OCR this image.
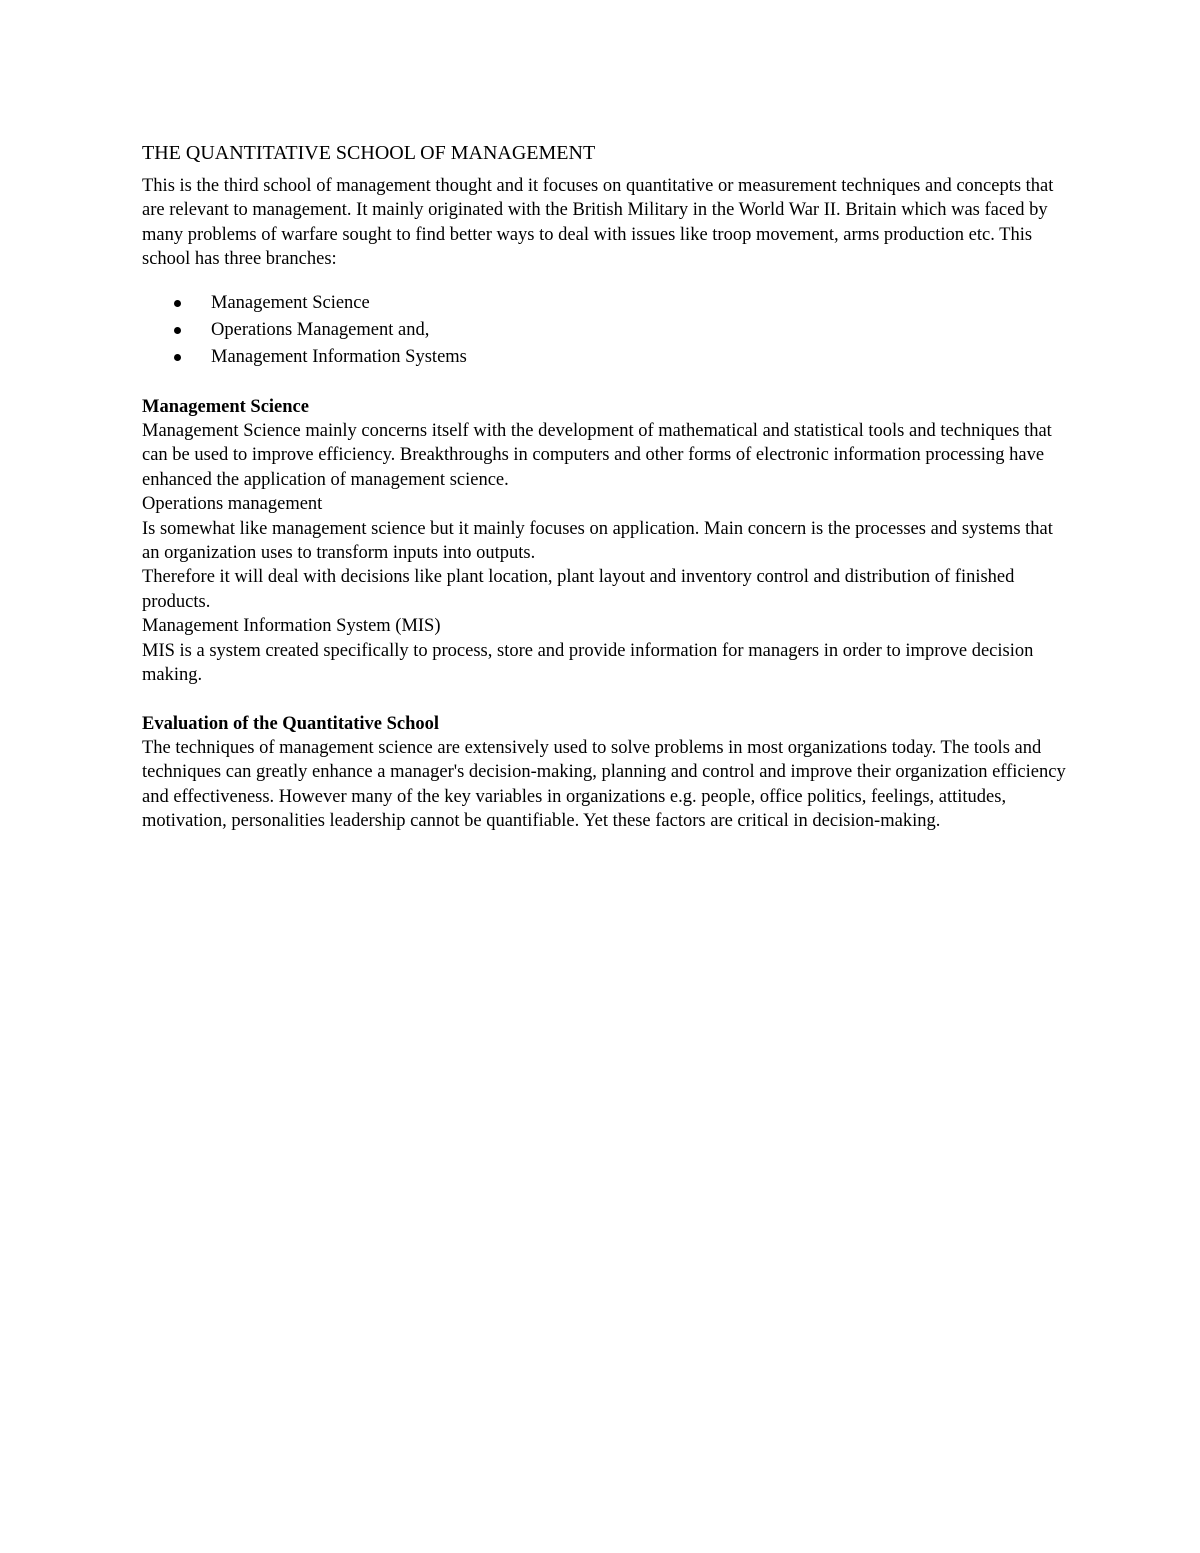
THE QUANTITATIVE SCHOOL OF MANAGEMENT

This is the third school of management thought and it focuses on quantitative or measurement techniques and concepts that are relevant to management. It mainly originated with the British Military in the World War II. Britain which was faced by many problems of warfare sought to find better ways to deal with issues like troop movement, arms production etc. This school has three branches:

Management Science
Operations Management and,
Management Information Systems

Management Science

Management Science mainly concerns itself with the development of mathematical and statistical tools and techniques that can be used to improve efficiency. Breakthroughs in computers and other forms of electronic information processing have enhanced the application of management science.

Operations management

Is somewhat like management science but it mainly focuses on application. Main concern is the processes and systems that an organization uses to transform inputs into outputs.

Therefore it will deal with decisions like plant location, plant layout and inventory control and distribution of finished products.

Management Information System (MIS)

MIS is a system created specifically to process, store and provide information for managers in order to improve decision making.

Evaluation of the Quantitative School

The techniques of management science are extensively used to solve problems in most organizations today. The tools and techniques can greatly enhance a manager's decision-making, planning and control and improve their organization efficiency and effectiveness. However many of the key variables in organizations e.g. people, office politics, feelings, attitudes, motivation, personalities leadership cannot be quantifiable. Yet these factors are critical in decision-making.
